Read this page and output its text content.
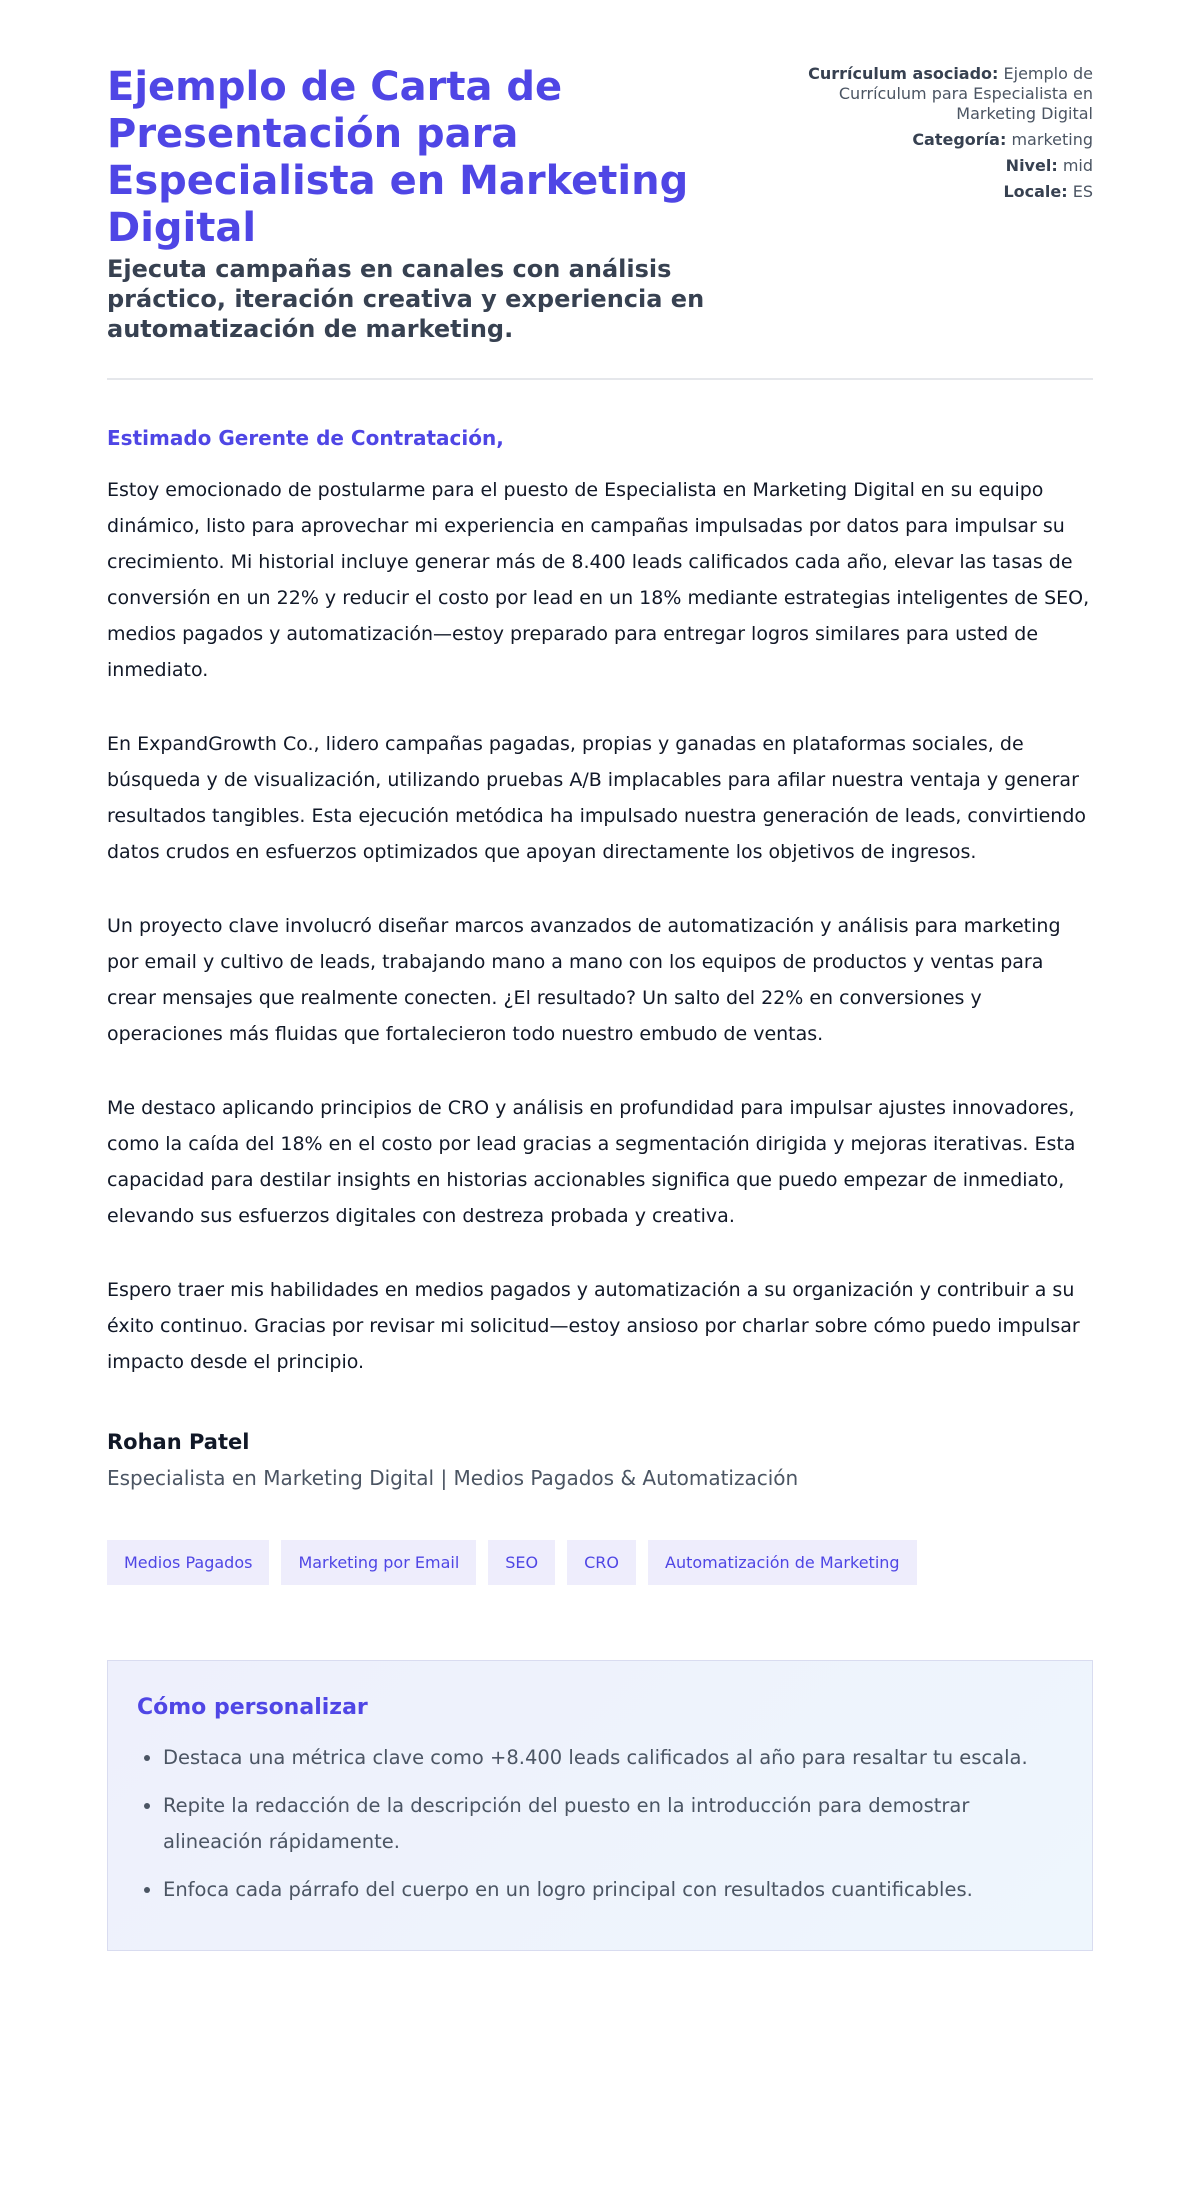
Ejemplo de Carta de Presentación para Especialista en Marketing Digital
Ejecuta campañas en canales con análisis práctico, iteración creativa y experiencia en automatización de marketing.
Currículum asociado: Ejemplo de Currículum para Especialista en Marketing Digital
Categoría: marketing
Nivel: mid
Locale: ES
Estimado Gerente de Contratación,

Estoy emocionado de postularme para el puesto de Especialista en Marketing Digital en su equipo dinámico, listo para aprovechar mi experiencia en campañas impulsadas por datos para impulsar su crecimiento. Mi historial incluye generar más de 8.400 leads calificados cada año, elevar las tasas de conversión en un 22% y reducir el costo por lead en un 18% mediante estrategias inteligentes de SEO, medios pagados y automatización—estoy preparado para entregar logros similares para usted de inmediato.

En ExpandGrowth Co., lidero campañas pagadas, propias y ganadas en plataformas sociales, de búsqueda y de visualización, utilizando pruebas A/B implacables para afilar nuestra ventaja y generar resultados tangibles. Esta ejecución metódica ha impulsado nuestra generación de leads, convirtiendo datos crudos en esfuerzos optimizados que apoyan directamente los objetivos de ingresos.

Un proyecto clave involucró diseñar marcos avanzados de automatización y análisis para marketing por email y cultivo de leads, trabajando mano a mano con los equipos de productos y ventas para crear mensajes que realmente conecten. ¿El resultado? Un salto del 22% en conversiones y operaciones más fluidas que fortalecieron todo nuestro embudo de ventas.

Me destaco aplicando principios de CRO y análisis en profundidad para impulsar ajustes innovadores, como la caída del 18% en el costo por lead gracias a segmentación dirigida y mejoras iterativas. Esta capacidad para destilar insights en historias accionables significa que puedo empezar de inmediato, elevando sus esfuerzos digitales con destreza probada y creativa.

Espero traer mis habilidades en medios pagados y automatización a su organización y contribuir a su éxito continuo. Gracias por revisar mi solicitud—estoy ansioso por charlar sobre cómo puedo impulsar impacto desde el principio.

Rohan Patel
Especialista en Marketing Digital | Medios Pagados & Automatización
Medios Pagados	Marketing por Email	SEO	CRO	Automatización de Marketing
Cómo personalizar
• Destaca una métrica clave como +8.400 leads calificados al año para resaltar tu escala.
• Repite la redacción de la descripción del puesto en la introducción para demostrar alineación rápidamente.
• Enfoca cada párrafo del cuerpo en un logro principal con resultados cuantificables.
